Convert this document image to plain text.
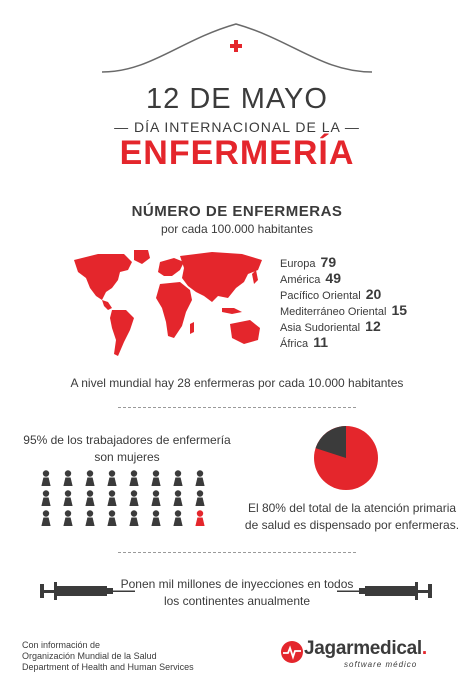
12 DE MAYO
— DÍA INTERNACIONAL DE LA —
ENFERMERÍA
NÚMERO DE ENFERMERAS
por cada 100.000 habitantes
Europa 79
América 49
Pacífico Oriental 20
Mediterráneo Oriental 15
Asia Sudoriental 12
África 11
A nivel mundial hay 28 enfermeras por cada 10.000 habitantes
95% de los trabajadores de enfermería son mujeres
El 80% del total de la atención primaria de salud es dispensado por enfermeras.
Ponen mil millones de inyecciones en todos los continentes anualmente
Con información de
Organización Mundial de la Salud
Department of Health and Human Services
Jagarmedical.
software médico
